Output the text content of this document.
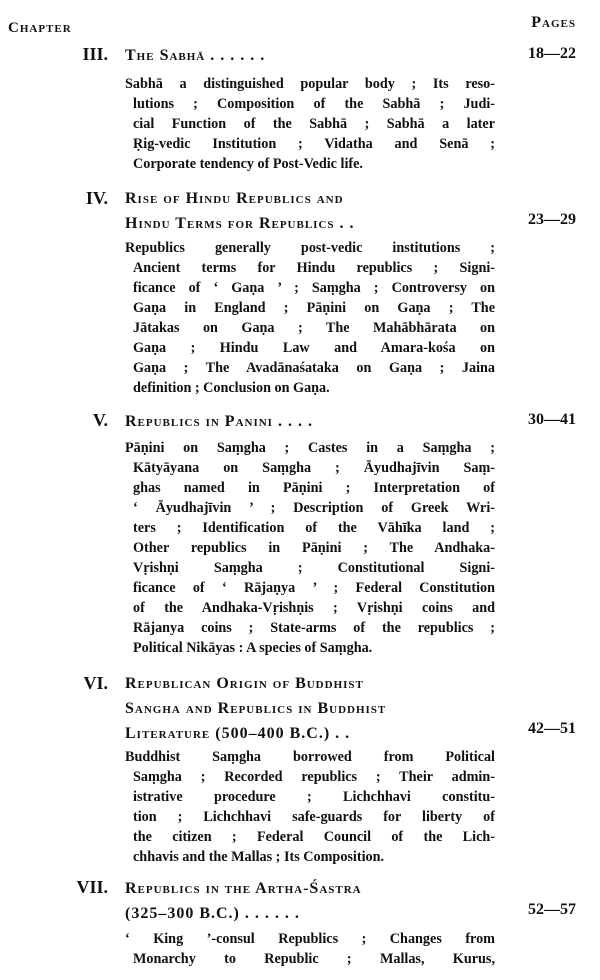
Chapter	Pages
III. The Sabhā . . . . . .	18—22
Sabhā a distinguished popular body ; Its reso-
lutions ; Composition of the Sabhā ; Judi-
cial Function of the Sabhā ; Sabhā a later
Ṛig-vedic Institution ; Vidatha and Senā ;
Corporate tendency of Post-Vedic life.
IV. Rise of Hindu Republics and
Hindu Terms for Republics . .	23—29
Republics generally post-vedic institutions ;
Ancient terms for Hindu republics ; Signi-
ficance of ‘ Gaṇa ’ ; Saṃgha ; Controversy on
Gaṇa in England ; Pāṇini on Gaṇa ; The
Jātakas on Gaṇa ; The Mahābhārata on
Gaṇa ; Hindu Law and Amara-kośa on
Gaṇa ; The Avadānaśataka on Gaṇa ; Jaina
definition ; Conclusion on Gaṇa.
V. Republics in Panini . . . .	30—41
Pāṇini on Saṃgha ; Castes in a Saṃgha ;
Kātyāyana on Saṃgha ; Āyudhajīvin Saṃ-
ghas named in Pāṇini ; Interpretation of
‘ Āyudhajīvin ’ ; Description of Greek Wri-
ters ; Identification of the Vāhīka land ;
Other republics in Pāṇini ; The Andhaka-
Vṛishṇi Saṃgha ; Constitutional Signi-
ficance of ‘ Rājaṇya ’ ; Federal Constitution
of the Andhaka-Vṛishṇis ; Vṛishṇi coins and
Rājanya coins ; State-arms of the republics ;
Political Nikāyas : A species of Saṃgha.
VI. Republican Origin of Buddhist
Sangha and Republics in Buddhist
Literature (500–400 B.C.) . .	42—51
Buddhist Saṃgha borrowed from Political
Saṃgha ; Recorded republics ; Their admin-
istrative procedure ; Lichchhavi constitu-
tion ; Lichchhavi safe-guards for liberty of
the citizen ; Federal Council of the Lich-
chhavis and the Mallas ; Its Composition.
VII. Republics in the Artha-Śastra
(325–300 B.C.) . . . . . .	52—57
‘ King ’-consul Republics ; Changes from
Monarchy to Republic ; Mallas, Kurus,
